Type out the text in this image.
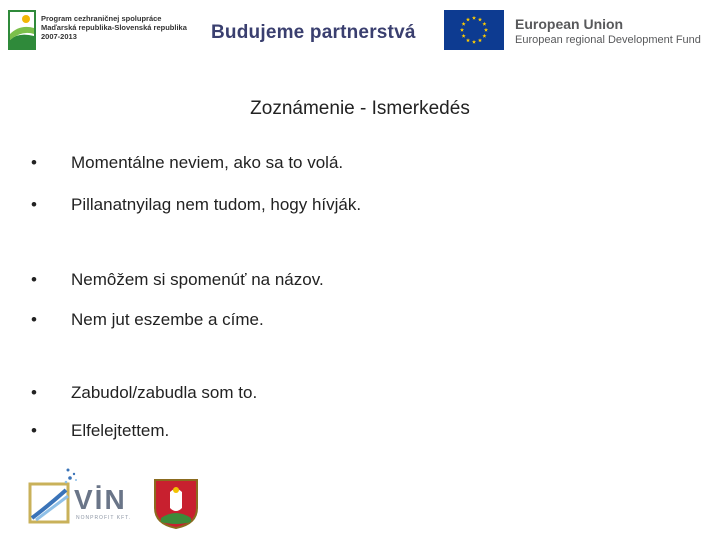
Program cezhraničnej spolupráce
Maďarská republika-Slovenská republika
2007-2013	Budujeme partnerstvá	European Union
European regional Development Fund
Zoznámenie - Ismerkedés
• Momentálne neviem, ako sa to volá.
• Pillanatnyilag nem tudom, hogy hívják.
• Nemôžem si spomenúť na názov.
• Nem jut eszembe a címe.
• Zabudol/zabudla som to.
• Elfelejtettem.
VİN
NONPROFIT KFT.
